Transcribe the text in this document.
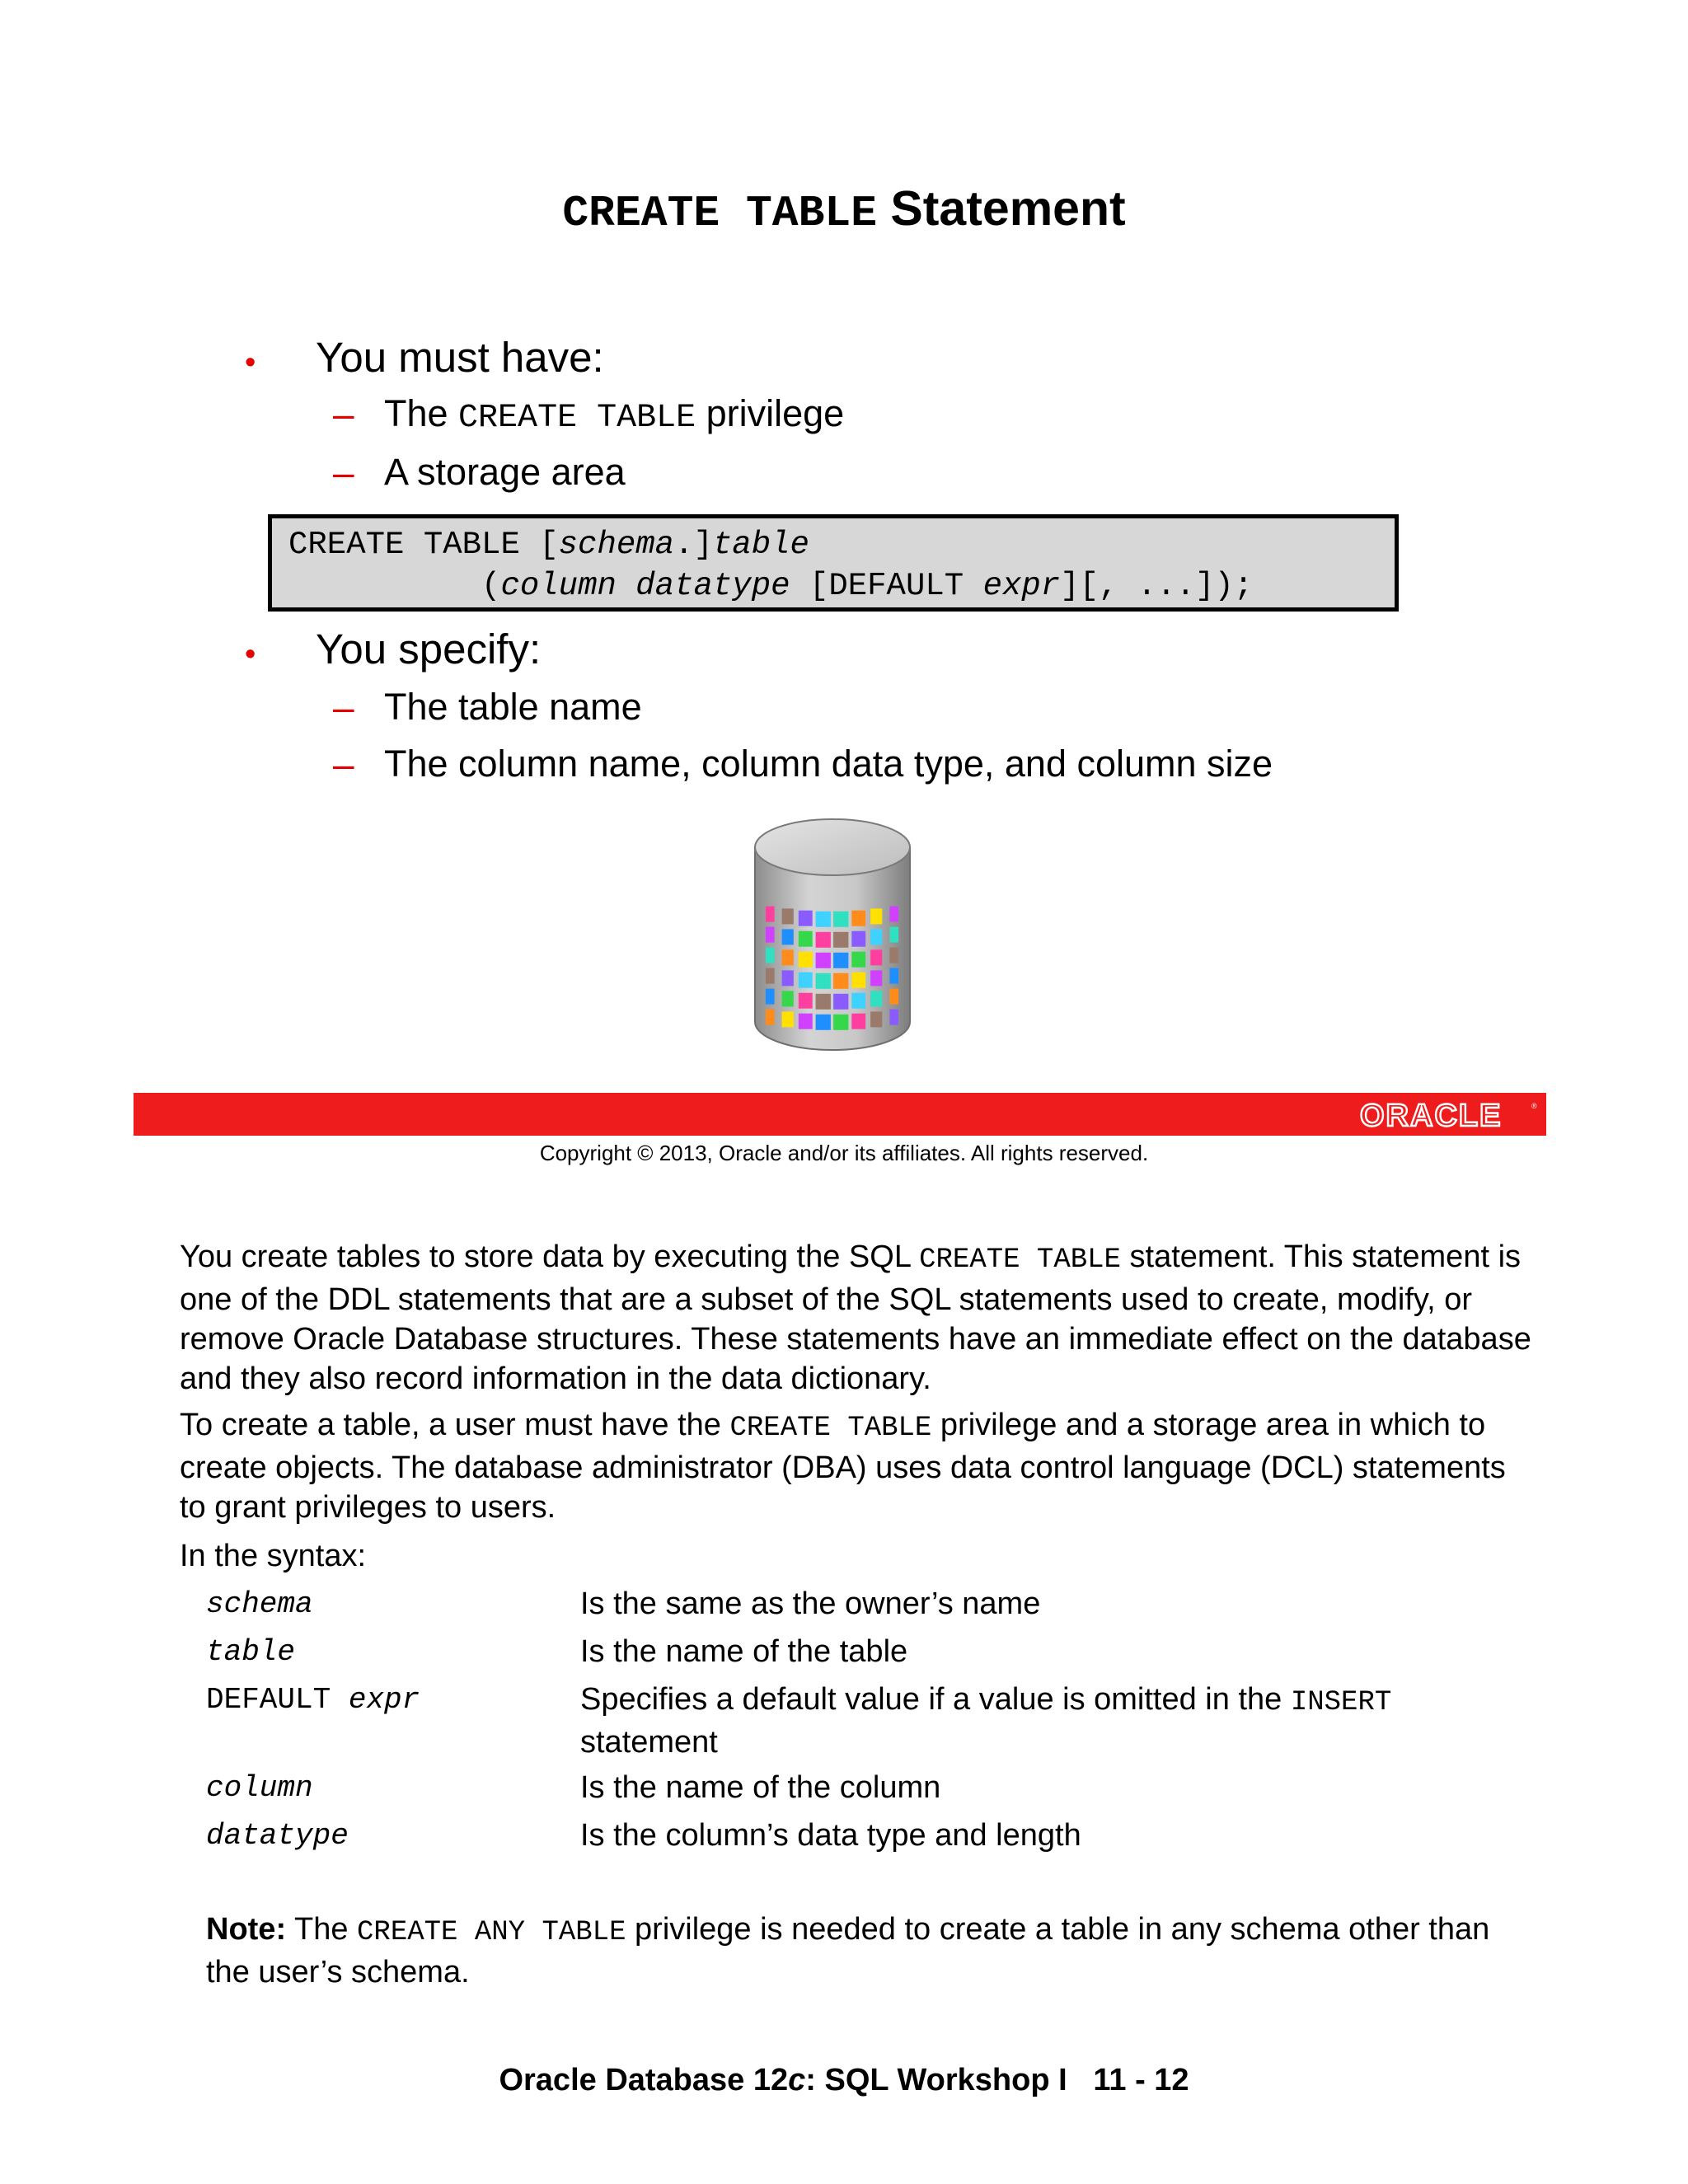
CREATE TABLE Statement
• You must have:
– The CREATE TABLE privilege
– A storage area
CREATE TABLE [schema.]table
(column datatype [DEFAULT expr][, ...]);
• You specify:
– The table name
– The column name, column data type, and column size
ORACLE	®
Copyright © 2013, Oracle and/or its affiliates. All rights reserved.
You create tables to store data by executing the SQL CREATE TABLE statement. This statement is one of the DDL statements that are a subset of the SQL statements used to create, modify, or remove Oracle Database structures. These statements have an immediate effect on the database and they also record information in the data dictionary.
To create a table, a user must have the CREATE TABLE privilege and a storage area in which to create objects. The database administrator (DBA) uses data control language (DCL) statements to grant privileges to users.
In the syntax:
schema	Is the same as the owner’s name
table	Is the name of the table
DEFAULT expr	Specifies a default value if a value is omitted in the INSERT statement
column	Is the name of the column
datatype	Is the column’s data type and length
Note: The CREATE ANY TABLE privilege is needed to create a table in any schema other than the user’s schema.
Oracle Database 12c: SQL Workshop I   11 - 12
